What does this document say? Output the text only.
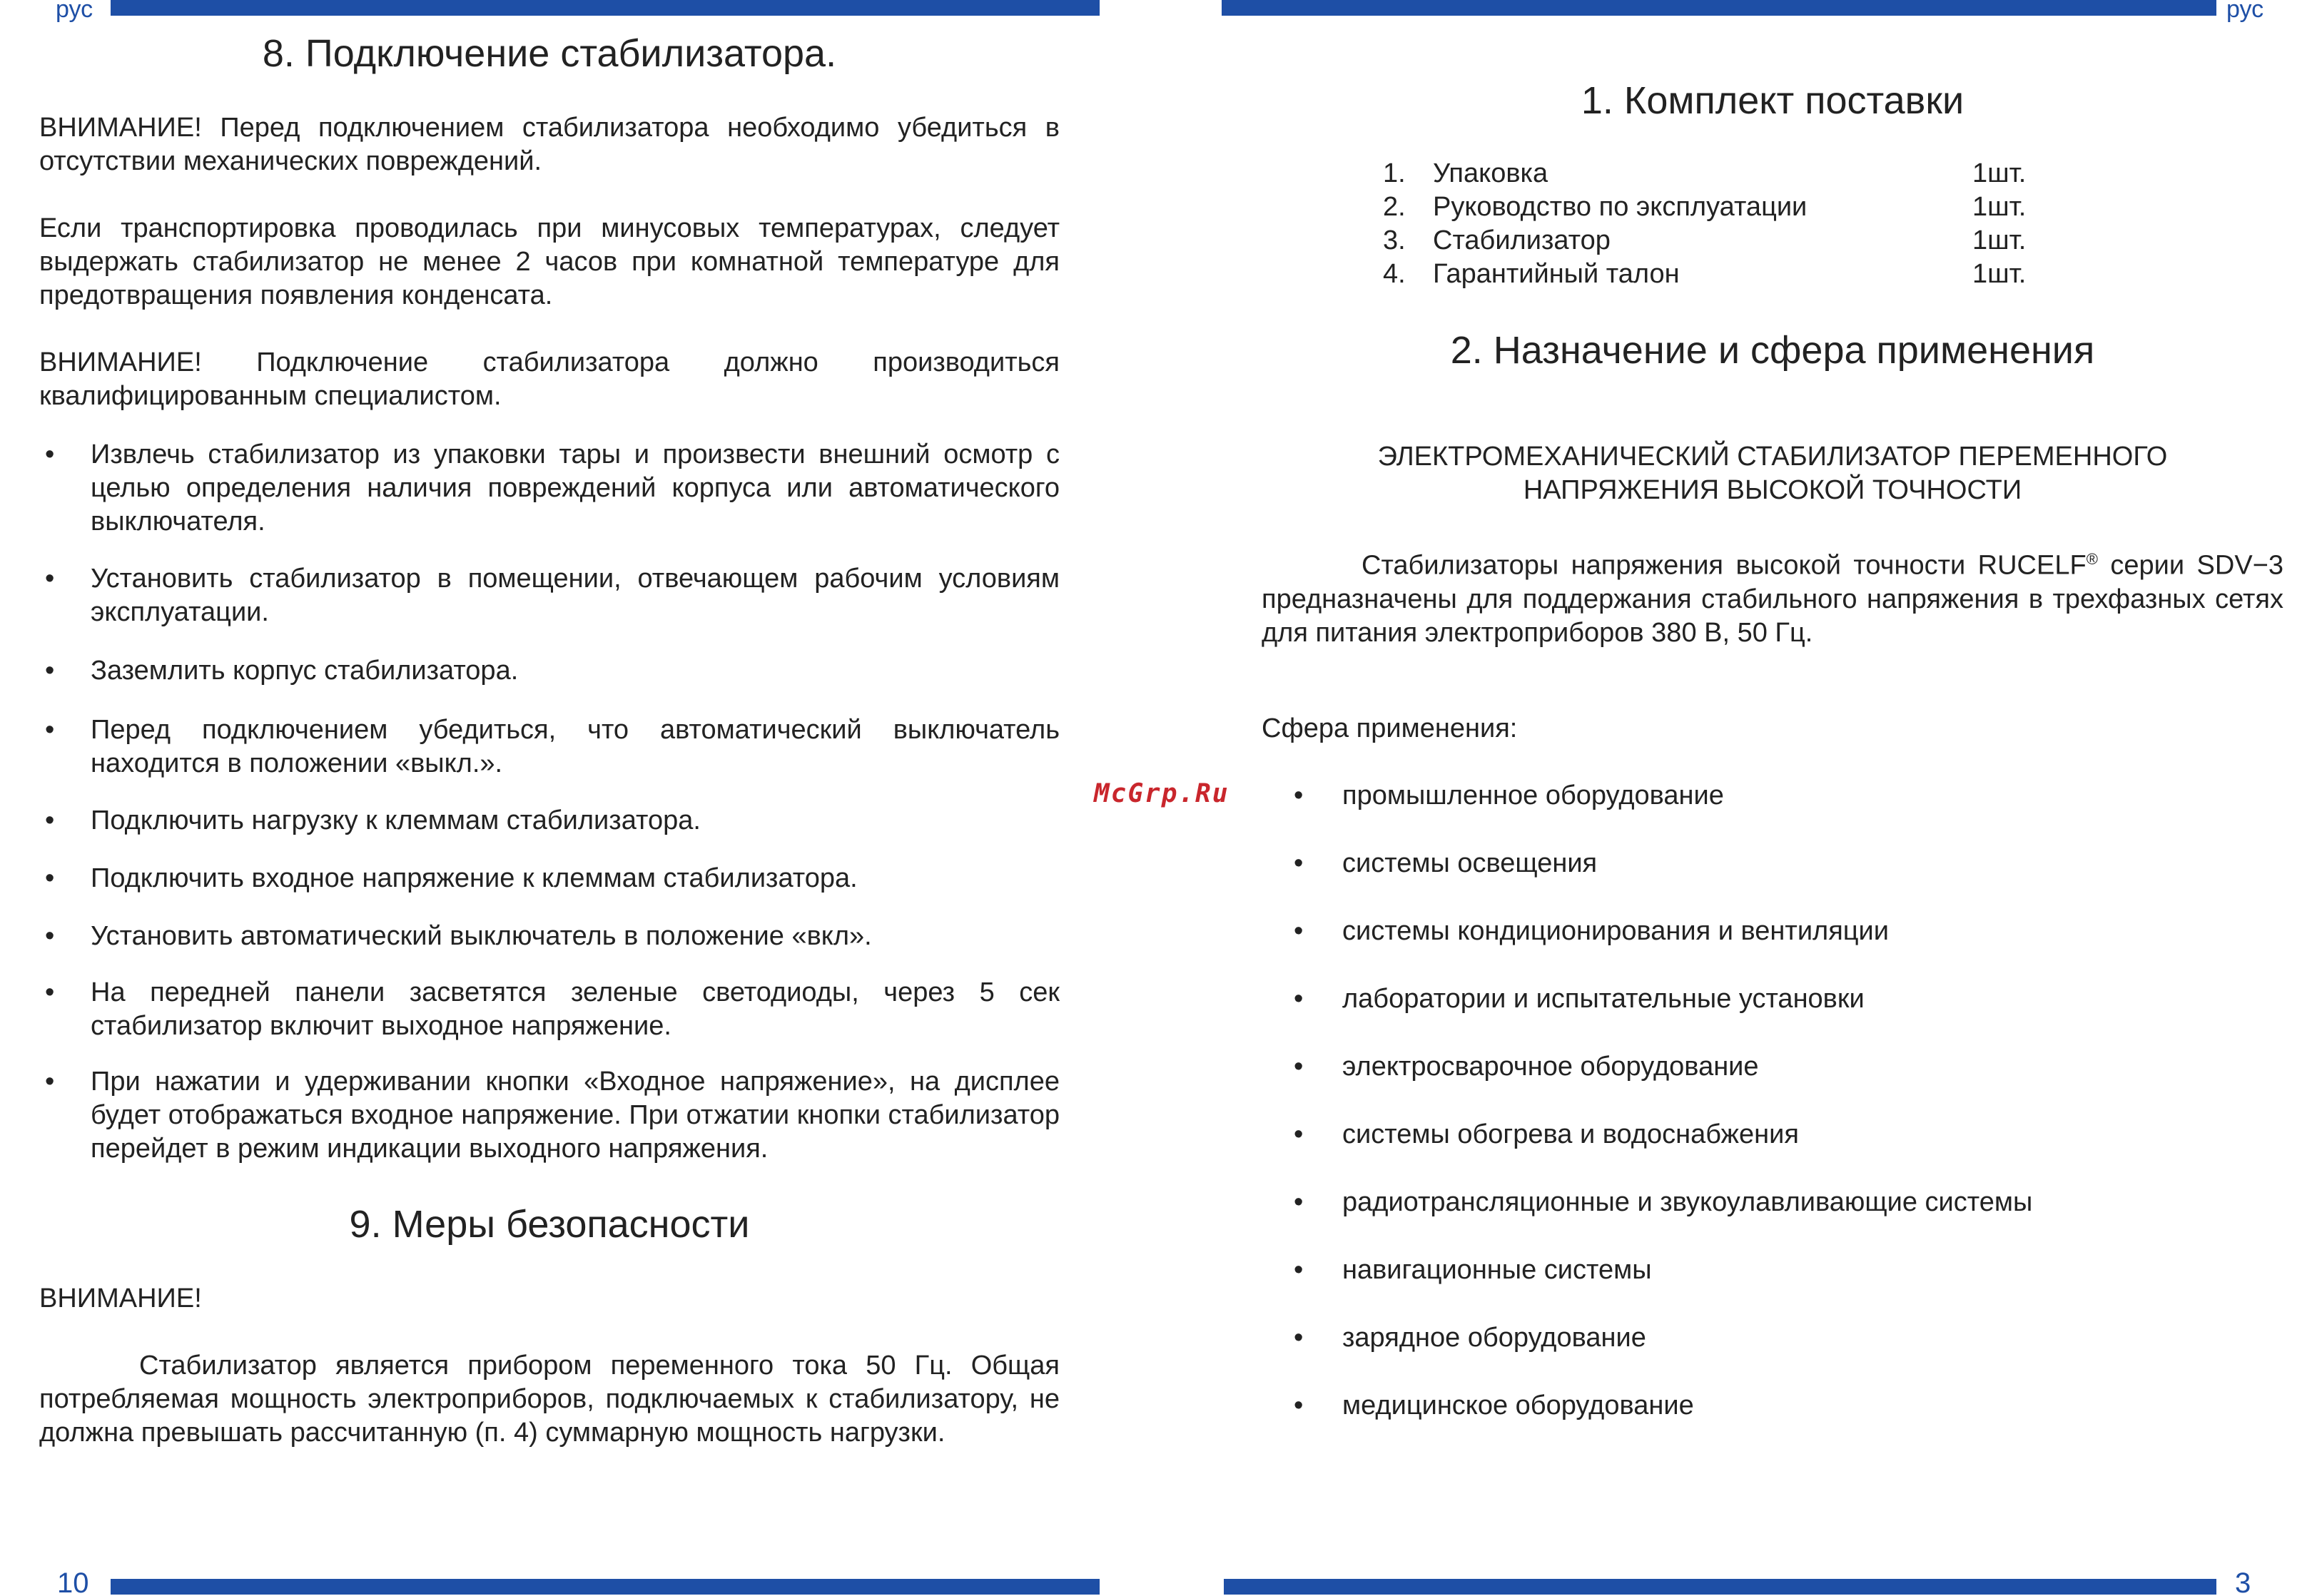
рус	рус
10	3
McGrp.Ru
8. Подключение стабилизатора.

ВНИМАНИЕ! Перед подключением стабилизатора необходимо убедиться в отсутствии механических повреждений.

Если транспортировка проводилась при минусовых температурах, следует выдержать стабилизатор не менее 2 часов при комнатной температуре для предотвращения появления конденсата.

ВНИМАНИЕ! Подключение стабилизатора должно производиться квалифицированным специалистом.

• Извлечь стабилизатор из упаковки тары и произвести внешний осмотр с целью определения наличия повреждений корпуса или автоматического выключателя.
• Установить стабилизатор в помещении, отвечающем рабочим условиям эксплуатации.
• Заземлить корпус стабилизатора.
• Перед подключением убедиться, что автоматический выключатель находится в положении «выкл.».
• Подключить нагрузку к клеммам стабилизатора.
• Подключить входное напряжение к клеммам стабилизатора.
• Установить автоматический выключатель в положение «вкл».
• На передней панели засветятся зеленые светодиоды, через 5 сек стабилизатор включит выходное напряжение.
• При нажатии и удерживании кнопки «Входное напряжение», на дисплее будет отображаться входное напряжение. При отжатии кнопки стабилизатор перейдет в режим индикации выходного напряжения.
9. Меры безопасности

ВНИМАНИЕ!

Стабилизатор является прибором переменного тока 50 Гц. Общая потребляемая мощность электроприборов, подключаемых к стабилизатору, не должна превышать рассчитанную (п. 4) суммарную мощность нагрузки.

1. Комплект поставки
1. Упаковка	1шт.
2. Руководство по эксплуатации	1шт.
3. Стабилизатор	1шт.
4. Гарантийный талон	1шт.
2. Назначение и сфера применения
ЭЛЕКТРОМЕХАНИЧЕСКИЙ СТАБИЛИЗАТОР ПЕРЕМЕННОГО
НАПРЯЖЕНИЯ ВЫСОКОЙ ТОЧНОСТИ

Стабилизаторы напряжения высокой точности RUCELF® серии SDV−3 предназначены для поддержания стабильного напряжения в трехфазных сетях для питания электроприборов 380 В, 50 Гц.

Сфера применения:

• промышленное оборудование
• системы освещения
• системы кондиционирования и вентиляции
• лаборатории и испытательные установки
• электросварочное оборудование
• системы обогрева и водоснабжения
• радиотрансляционные и звукоулавливающие системы
• навигационные системы
• зарядное оборудование
• медицинское оборудование
